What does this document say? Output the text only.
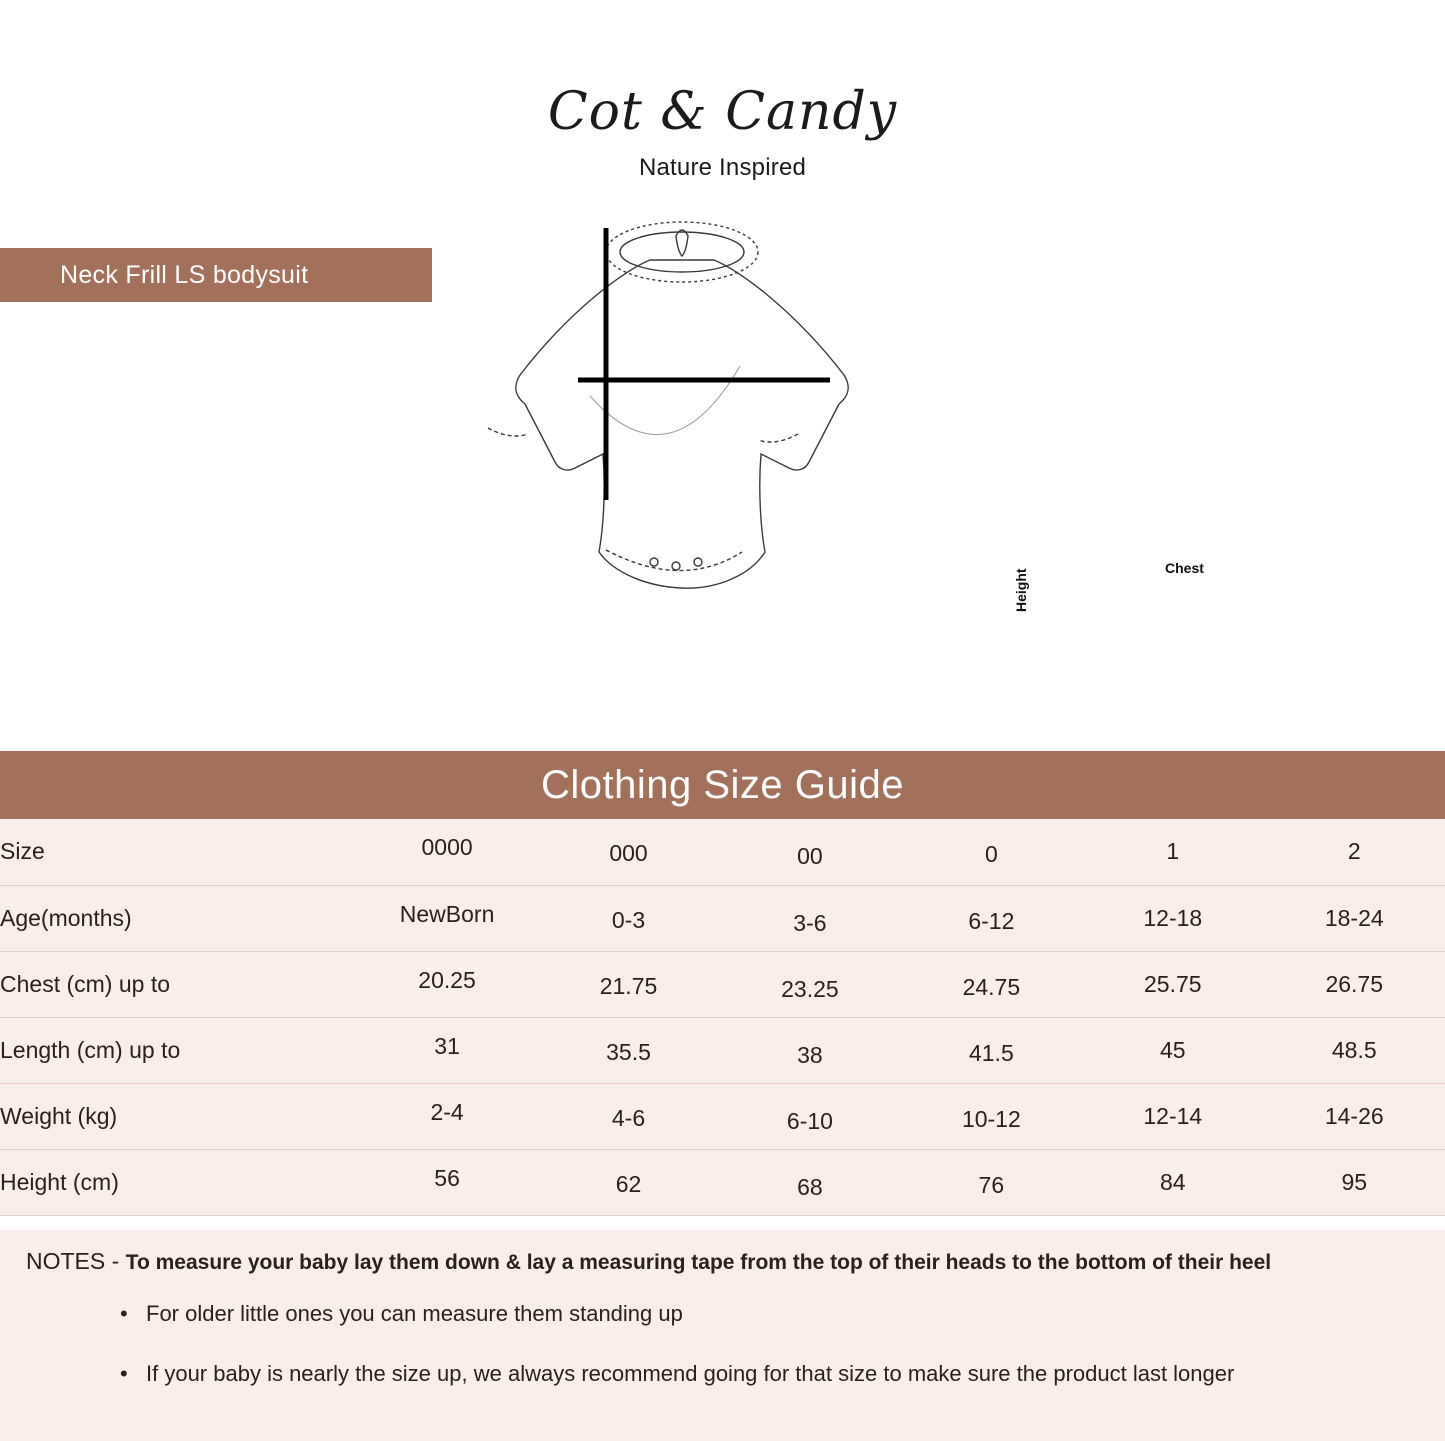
Cot & Candy
Nature Inspired
Neck Frill LS bodysuit
Chest
Height
Clothing Size Guide
Size	0000	000	00	0	1	2
Age(months)	NewBorn	0-3	3-6	6-12	12-18	18-24
Chest (cm) up to	20.25	21.75	23.25	24.75	25.75	26.75
Length (cm) up to	31	35.5	38	41.5	45	48.5
Weight (kg)	2-4	4-6	6-10	10-12	12-14	14-26
Height (cm)	56	62	68	76	84	95
NOTES - To measure your baby lay them down & lay a measuring tape from the top of their heads to the bottom of their heel
• For older little ones you can measure them standing up
• If your baby is nearly the size up, we always recommend going for that size to make sure the product last longer
